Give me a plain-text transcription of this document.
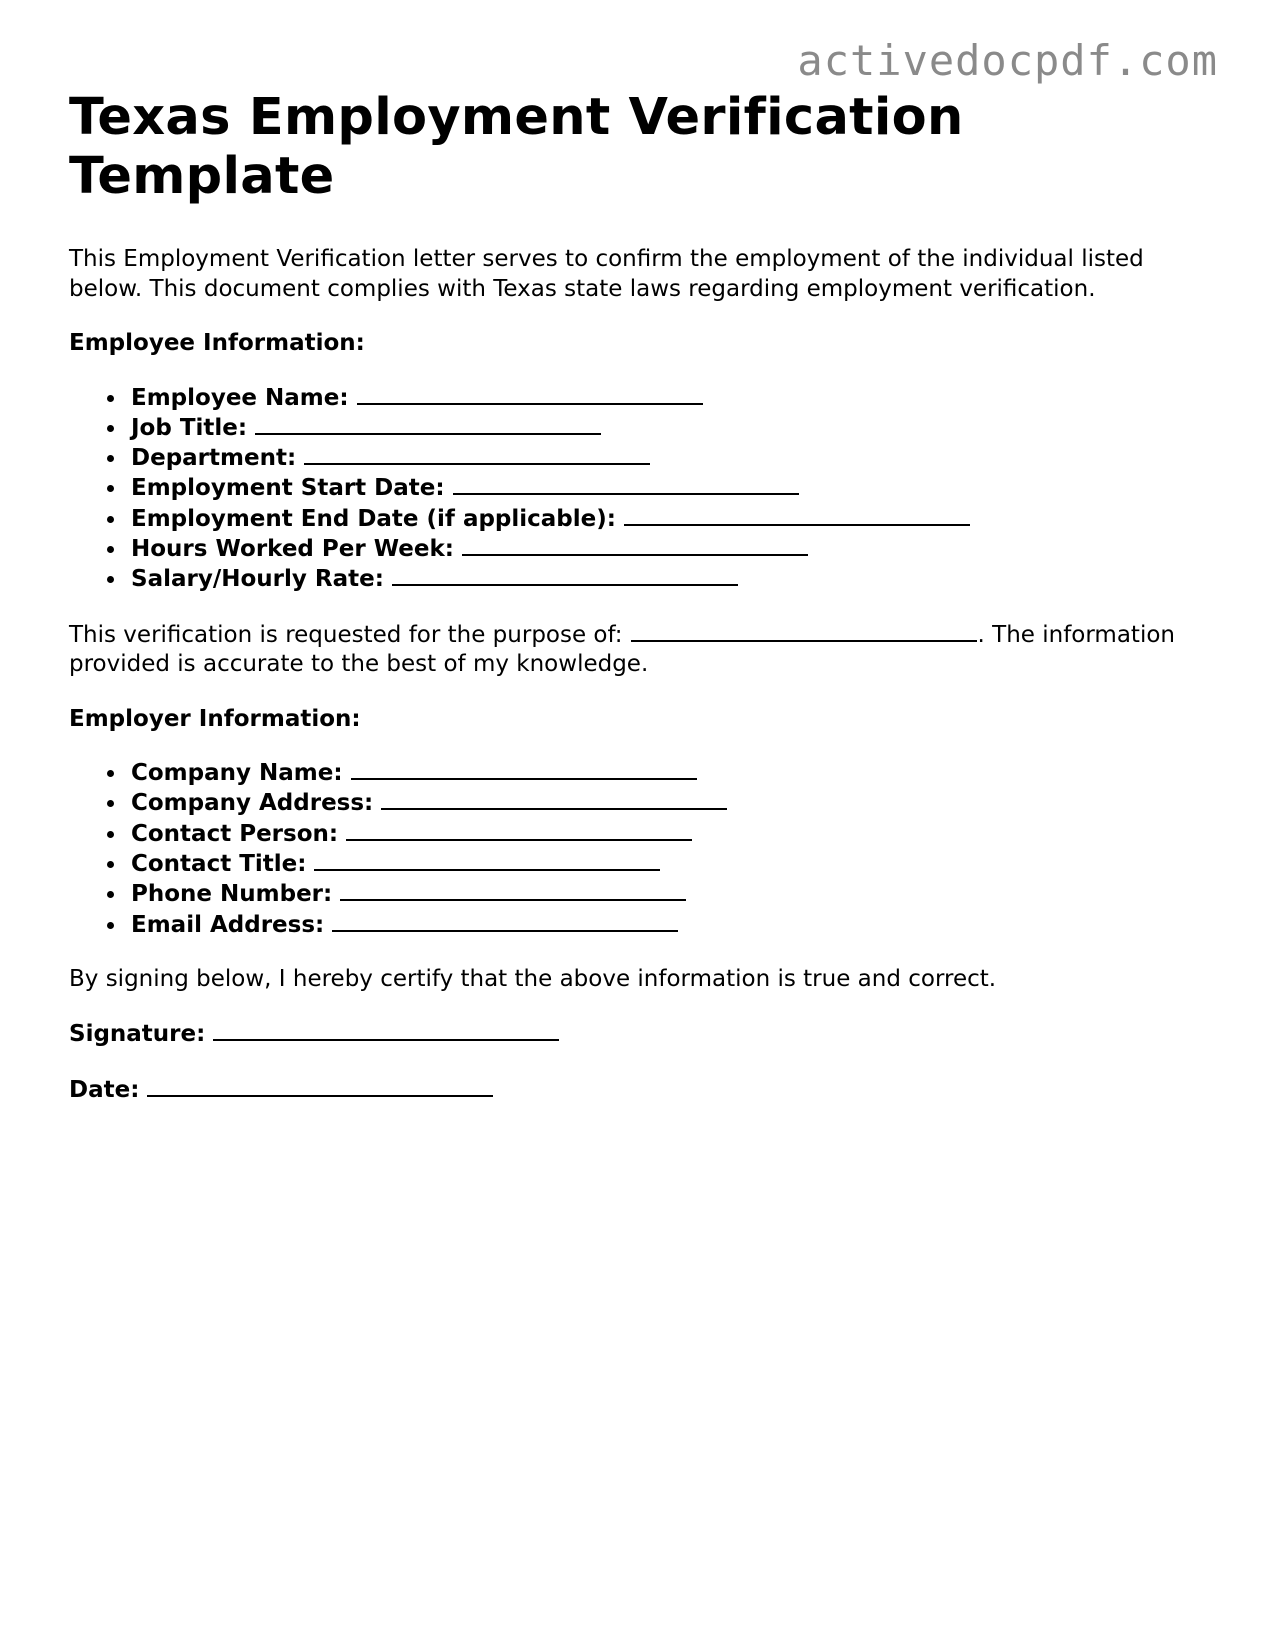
activedocpdf.com
Texas Employment Verification Template

This Employment Verification letter serves to confirm the employment of the individual listed below. This document complies with Texas state laws regarding employment verification.

Employee Information:
Employee Name:
Job Title:
Department:
Employment Start Date:
Employment End Date (if applicable):
Hours Worked Per Week:
Salary/Hourly Rate:

This verification is requested for the purpose of:	. The information provided is accurate to the best of my knowledge.

Employer Information:
Company Name:
Company Address:
Contact Person:
Contact Title:
Phone Number:
Email Address:

By signing below, I hereby certify that the above information is true and correct.

Signature:
Date:
